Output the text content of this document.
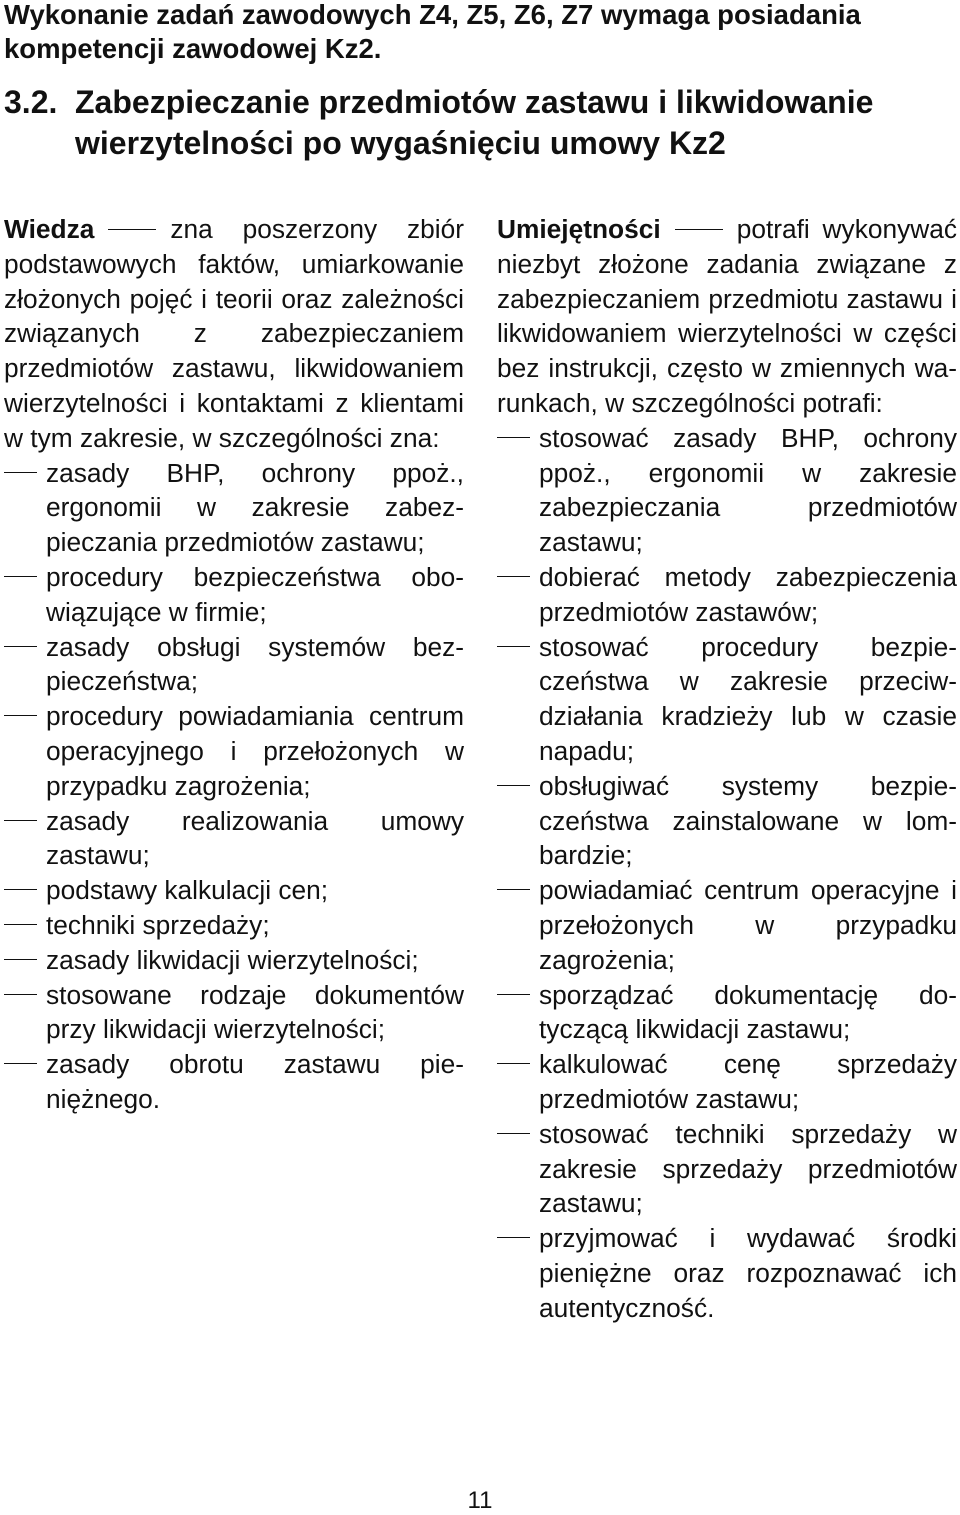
Wykonanie zadań zawodowych Z4, Z5, Z6, Z7 wymaga posiadania kompetencji zawodowej Kz2.

3.2. Zabezpieczanie przedmiotów zastawu i likwidowanie wierzytelności po wygaśnięciu umowy Kz2

Wiedza	zna poszerzony zbiór podstawowych faktów, umiarkowanie złożonych pojęć i teorii oraz zależności związanych z zabezpieczaniem przedmiotów zastawu, likwidowaniem wierzytelności i kontaktami z klientami w tym zakresie, w szczególności zna:

zasady BHP, ochrony ppoż., ergonomii w zakresie zabezpieczania przedmiotów zastawu;
procedury bezpieczeństwa obowiązujące w firmie;
zasady obsługi systemów bezpieczeństwa;
procedury powiadamiania centrum operacyjnego i przełożonych w przypadku zagrożenia;
zasady realizowania umowy zastawu;
podstawy kalkulacji cen;
techniki sprzedaży;
zasady likwidacji wierzytelności;
stosowane rodzaje dokumentów przy likwidacji wierzytelności;
zasady obrotu zastawu pieniężnego.

Umiejętności	potrafi wykonywać niezbyt złożone zadania związane z zabezpieczaniem przedmiotu zastawu i likwidowaniem wierzytelności w części bez instrukcji, często w zmiennych warunkach, w szczególności potrafi:

stosować zasady BHP, ochrony ppoż., ergonomii w zakresie zabezpieczania przedmiotów zastawu;
dobierać metody zabezpieczenia przedmiotów zastawów;
stosować procedury bezpieczeństwa w zakresie przeciwdziałania kradzieży lub w czasie napadu;
obsługiwać systemy bezpieczeństwa zainstalowane w lombardzie;
powiadamiać centrum operacyjne i przełożonych w przypadku zagrożenia;
sporządzać dokumentację dotyczącą likwidacji zastawu;
kalkulować cenę sprzedaży przedmiotów zastawu;
stosować techniki sprzedaży w zakresie sprzedaży przedmiotów zastawu;
przyjmować i wydawać środki pieniężne oraz rozpoznawać ich autentyczność.
11
